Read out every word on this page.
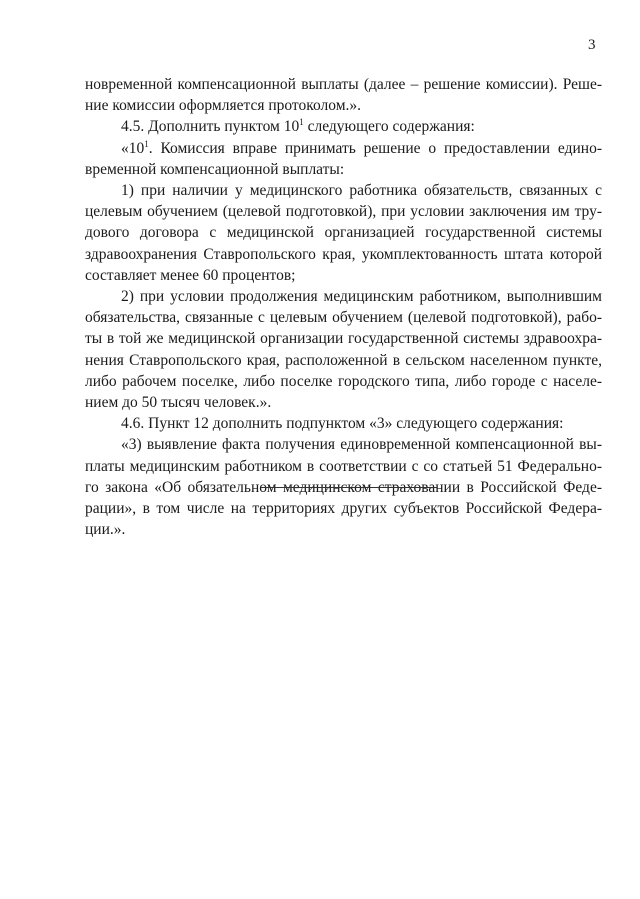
3
новременной компенсационной выплаты (далее – решение комиссии). Реше-
ние комиссии оформляется протоколом.».
4.5. Дополнить пунктом $10^1$ следующего содержания:
«$10^1$. Комиссия вправе принимать решение о предоставлении едино-
временной компенсационной выплаты:
1) при наличии у медицинского работника обязательств, связанных с
целевым обучением (целевой подготовкой), при условии заключения им тру-
дового договора с медицинской организацией государственной системы
здравоохранения Ставропольского края, укомплектованность штата которой
составляет менее 60 процентов;
2) при условии продолжения медицинским работником, выполнившим
обязательства, связанные с целевым обучением (целевой подготовкой), рабо-
ты в той же медицинской организации государственной системы здравоохра-
нения Ставропольского края, расположенной в сельском населенном пункте,
либо рабочем поселке, либо поселке городского типа, либо городе с населе-
нием до 50 тысяч человек.».
4.6. Пункт 12 дополнить подпунктом «3» следующего содержания:
«3) выявление факта получения единовременной компенсационной вы-
платы медицинским работником в соответствии с со статьей 51 Федерально-
го закона «Об обязательном медицинском страховании в Российской Феде-
рации», в том числе на территориях других субъектов Российской Федера-
ции.».
